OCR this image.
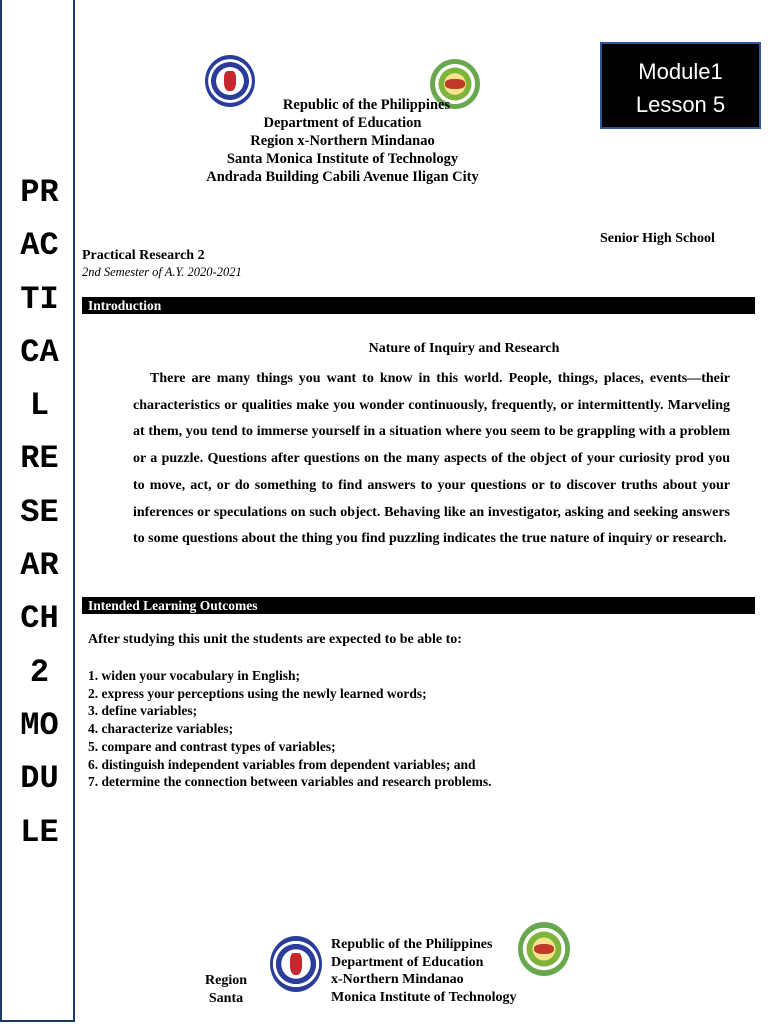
PR
AC
TI
CA
L
RE
SE
AR
CH
2
MO
DU
LE
Module1
Lesson 5
Republic of the Philippines
Department of Education
Region x-Northern Mindanao
Santa Monica Institute of Technology
Andrada Building Cabili Avenue Iligan City
Senior High School
Practical Research 2
2nd Semester of A.Y. 2020-2021
Introduction
Nature of Inquiry and Research
There are many things you want to know in this world. People, things, places, events—their characteristics or qualities make you wonder continuously, frequently, or intermittently. Marveling at them, you tend to immerse yourself in a situation where you seem to be grappling with a problem or a puzzle. Questions after questions on the many aspects of the object of your curiosity prod you to move, act, or do something to find answers to your questions or to discover truths about your inferences or speculations on such object. Behaving like an investigator, asking and seeking answers to some questions about the thing you find puzzling indicates the true nature of inquiry or research.
Intended Learning Outcomes
After studying this unit the students are expected to be able to:
1. widen your vocabulary in English;
2. express your perceptions using the newly learned words;
3. define variables;
4. characterize variables;
5. compare and contrast types of variables;
6. distinguish independent variables from dependent variables; and
7. determine the connection between variables and research problems.
Region
Santa
Republic of the Philippines
Department of Education
x-Northern Mindanao
Monica Institute of Technology
